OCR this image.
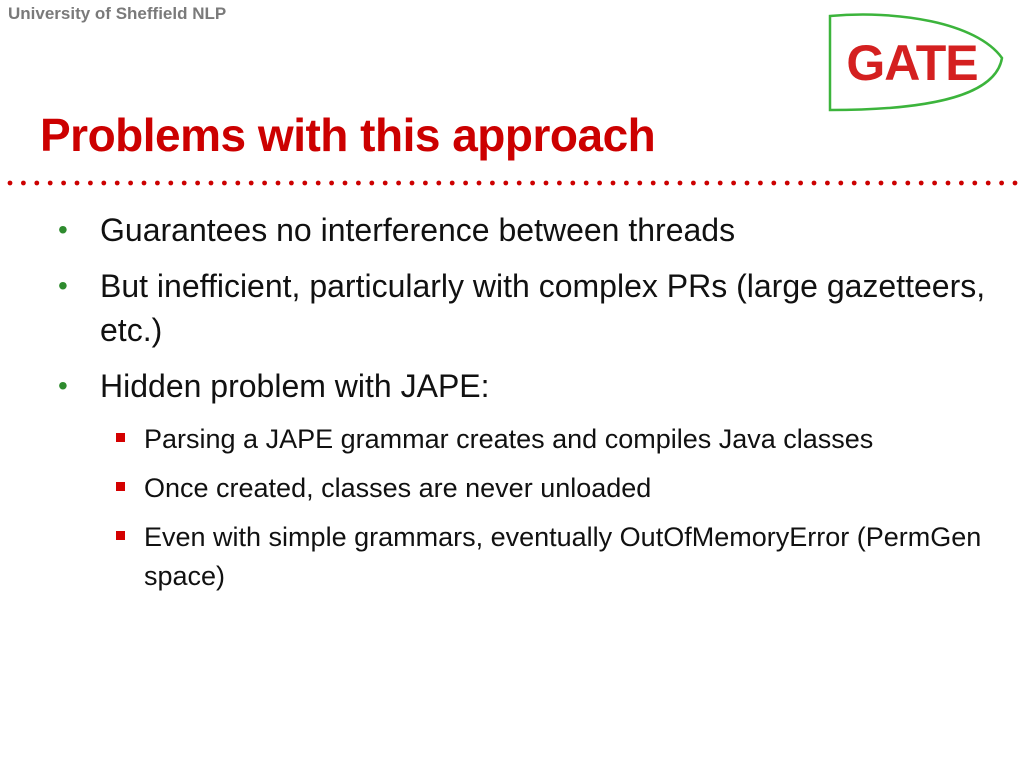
University of Sheffield NLP
GATE
Problems with this approach
• Guarantees no interference between threads
• But inefficient, particularly with complex PRs (large gazetteers, etc.)
• Hidden problem with JAPE:
Parsing a JAPE grammar creates and compiles Java classes
Once created, classes are never unloaded
Even with simple grammars, eventually OutOfMemoryError (PermGen space)
